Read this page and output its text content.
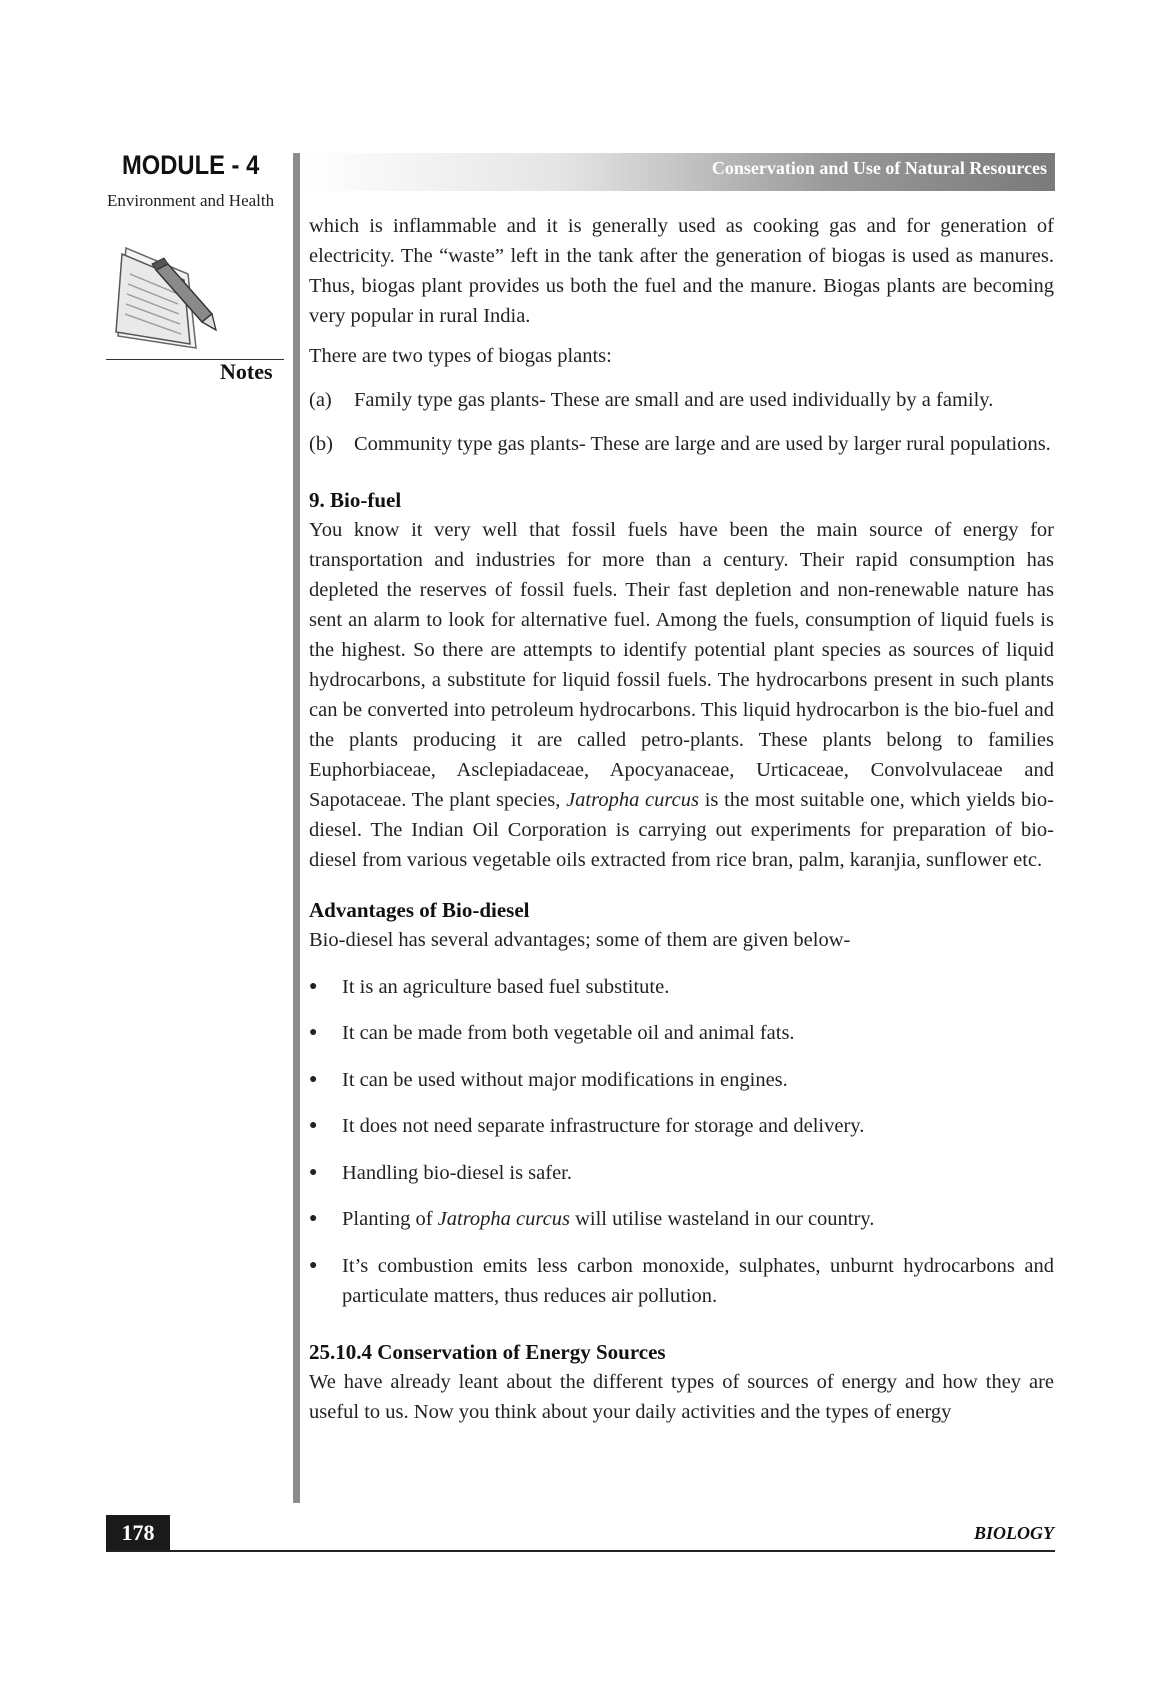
MODULE - 4
Environment and Health
Notes
Conservation and Use of Natural Resources

which is inflammable and it is generally used as cooking gas and for generation of electricity. The “waste” left in the tank after the generation of biogas is used as manures. Thus, biogas plant provides us both the fuel and the manure. Biogas plants are becoming very popular in rural India.

There are two types of biogas plants:

(a)	Family type gas plants- These are small and are used individually by a family.
(b)	Community type gas plants- These are large and are used by larger rural populations.
9. Bio-fuel

You know it very well that fossil fuels have been the main source of energy for transportation and industries for more than a century. Their rapid consumption has depleted the reserves of fossil fuels. Their fast depletion and non-renewable nature has sent an alarm to look for alternative fuel. Among the fuels, consumption of liquid fuels is the highest. So there are attempts to identify potential plant species as sources of liquid hydrocarbons, a substitute for liquid fossil fuels. The hydrocarbons present in such plants can be converted into petroleum hydrocarbons. This liquid hydrocarbon is the bio-fuel and the plants producing it are called petro-plants. These plants belong to families Euphorbiaceae, Asclepiadaceae, Apocyanaceae, Urticaceae, Convolvulaceae and Sapotaceae. The plant species, Jatropha curcus is the most suitable one, which yields bio-diesel. The Indian Oil Corporation is carrying out experiments for preparation of bio-diesel from various vegetable oils extracted from rice bran, palm, karanjia, sunflower etc.

Advantages of Bio-diesel

Bio-diesel has several advantages; some of them are given below-

●	It is an agriculture based fuel substitute.
●	It can be made from both vegetable oil and animal fats.
●	It can be used without major modifications in engines.
●	It does not need separate infrastructure for storage and delivery.
●	Handling bio-diesel is safer.
●	Planting of Jatropha curcus will utilise wasteland in our country.
●	It’s combustion emits less carbon monoxide, sulphates, unburnt hydrocarbons and particulate matters, thus reduces air pollution.
25.10.4 Conservation of Energy Sources

We have already leant about the different types of sources of energy and how they are useful to us. Now you think about your daily activities and the types of energy

178	BIOLOGY
